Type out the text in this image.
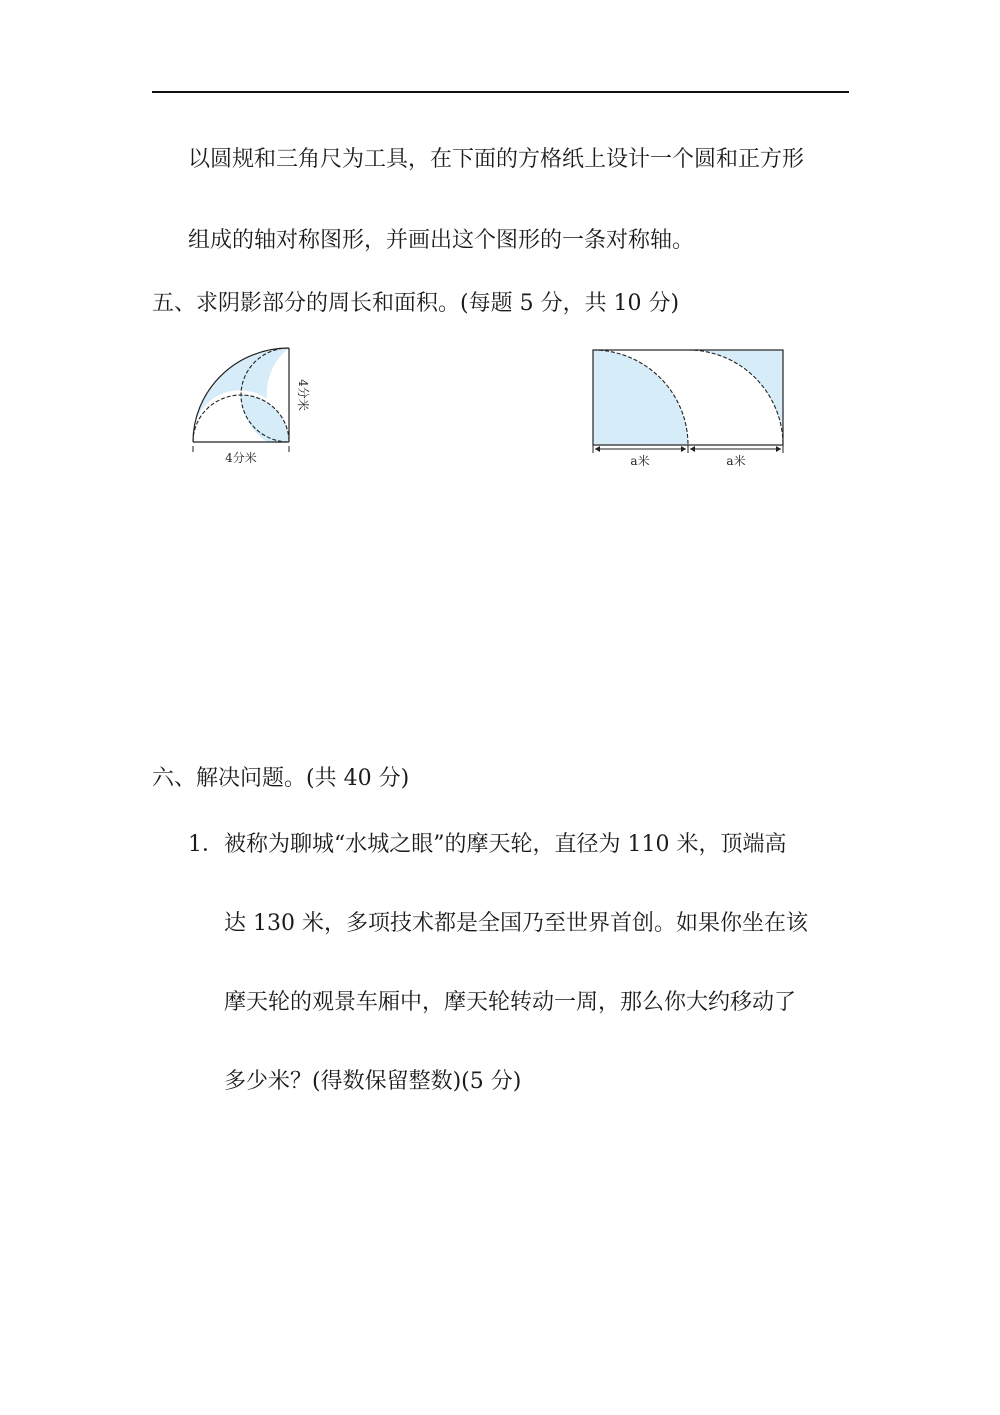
以圆规和三角尺为工具，在下面的方格纸上设计一个圆和正方形
组成的轴对称图形，并画出这个图形的一条对称轴。
五、求阴影部分的周长和面积。(每题 5 分，共 10 分)
4分米
4分米
a米	a米
六、解决问题。(共 40 分)
1． 被称为聊城“水城之眼”的摩天轮，直径为 110 米，顶端高
达 130 米，多项技术都是全国乃至世界首创。如果你坐在该
摩天轮的观景车厢中，摩天轮转动一周，那么你大约移动了
多少米？(得数保留整数)(5 分)
